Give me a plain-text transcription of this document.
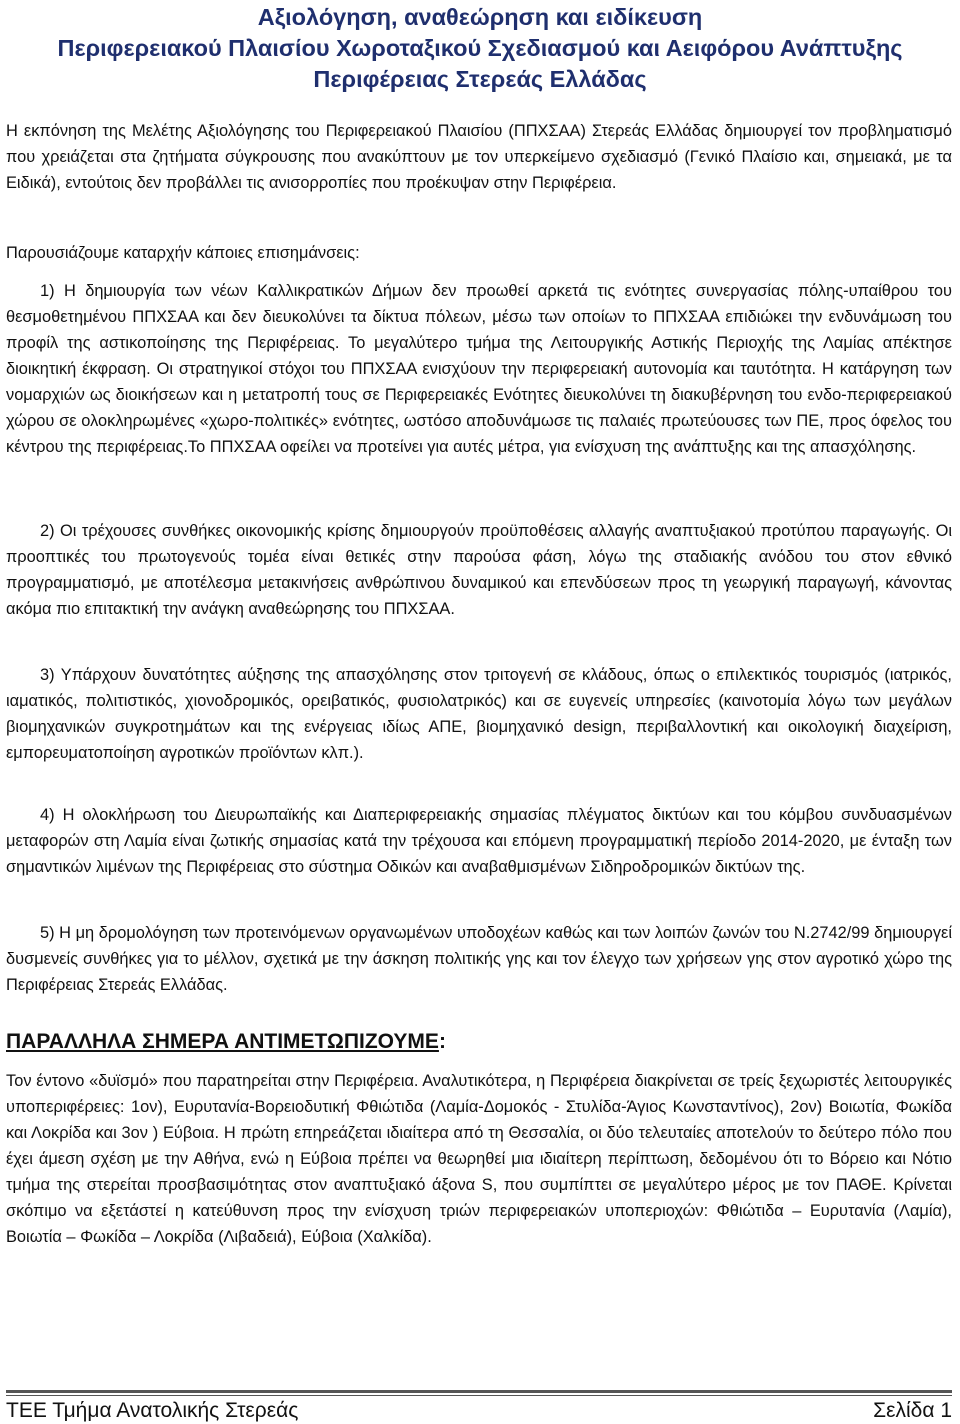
Αξιολόγηση, αναθεώρηση και ειδίκευση
Περιφερειακού Πλαισίου Χωροταξικού Σχεδιασμού και Αειφόρου Ανάπτυξης
Περιφέρειας Στερεάς Ελλάδας

Η εκπόνηση της Μελέτης Αξιολόγησης του Περιφερειακού Πλαισίου (ΠΠΧΣΑΑ) Στερεάς Ελλάδας δημιουργεί τον προβληματισμό που χρειάζεται στα ζητήματα σύγκρουσης που ανακύπτουν με τον υπερκείμενο σχεδιασμό (Γενικό Πλαίσιο και, σημειακά, με τα Ειδικά), εντούτοις δεν προβάλλει τις ανισορροπίες που προέκυψαν στην Περιφέρεια.

Παρουσιάζουμε καταρχήν κάποιες επισημάνσεις:

1) Η δημιουργία των νέων Καλλικρατικών Δήμων δεν προωθεί αρκετά τις ενότητες συνεργασίας πόλης-υπαίθρου του θεσμοθετημένου ΠΠΧΣΑΑ και δεν διευκολύνει τα δίκτυα πόλεων, μέσω των οποίων το ΠΠΧΣΑΑ επιδιώκει την ενδυνάμωση του προφίλ της αστικοποίησης της Περιφέρειας. Το μεγαλύτερο τμήμα της Λειτουργικής Αστικής Περιοχής της Λαμίας απέκτησε διοικητική έκφραση. Οι στρατηγικοί στόχοι του ΠΠΧΣΑΑ ενισχύουν την περιφερειακή αυτονομία και ταυτότητα. Η κατάργηση των νομαρχιών ως διοικήσεων και η μετατροπή τους σε Περιφερειακές Ενότητες διευκολύνει τη διακυβέρνηση του ενδο-περιφερειακού χώρου σε ολοκληρωμένες «χωρο-πολιτικές» ενότητες, ωστόσο αποδυνάμωσε τις παλαιές πρωτεύουσες των ΠΕ, προς όφελος του κέντρου της περιφέρειας.Το ΠΠΧΣΑΑ οφείλει να προτείνει για αυτές μέτρα, για ενίσχυση της ανάπτυξης και της απασχόλησης.

2) Οι τρέχουσες συνθήκες οικονομικής κρίσης δημιουργούν προϋποθέσεις αλλαγής αναπτυξιακού προτύπου παραγωγής. Οι προοπτικές του πρωτογενούς τομέα είναι θετικές στην παρούσα φάση, λόγω της σταδιακής ανόδου του στον εθνικό προγραμματισμό, με αποτέλεσμα μετακινήσεις ανθρώπινου δυναμικού και επενδύσεων προς τη γεωργική παραγωγή, κάνοντας ακόμα πιο επιτακτική την ανάγκη αναθεώρησης του ΠΠΧΣΑΑ.

3) Υπάρχουν δυνατότητες αύξησης της απασχόλησης στον τριτογενή σε κλάδους, όπως ο επιλεκτικός τουρισμός (ιατρικός, ιαματικός, πολιτιστικός, χιονοδρομικός, ορειβατικός, φυσιολατρικός) και σε ευγενείς υπηρεσίες (καινοτομία λόγω των μεγάλων βιομηχανικών συγκροτημάτων και της ενέργειας ιδίως ΑΠΕ, βιομηχανικό design, περιβαλλοντική και οικολογική διαχείριση, εμπορευματοποίηση αγροτικών προϊόντων κλπ.).

4) Η ολοκλήρωση του Διευρωπαϊκής και Διαπεριφερειακής σημασίας πλέγματος δικτύων και του κόμβου συνδυασμένων μεταφορών στη Λαμία είναι ζωτικής σημασίας κατά την τρέχουσα και επόμενη προγραμματική περίοδο 2014-2020, με ένταξη των σημαντικών λιμένων της Περιφέρειας στο σύστημα Οδικών και αναβαθμισμένων Σιδηροδρομικών δικτύων της.

5) Η μη δρομολόγηση των προτεινόμενων οργανωμένων υποδοχέων καθώς και των λοιπών ζωνών του Ν.2742/99 δημιουργεί δυσμενείς συνθήκες για το μέλλον, σχετικά με την άσκηση πολιτικής γης και τον έλεγχο των χρήσεων γης στον αγροτικό χώρο της Περιφέρειας Στερεάς Ελλάδας.

ΠΑΡΑΛΛΗΛΑ ΣΗΜΕΡΑ ΑΝΤΙΜΕΤΩΠΙΖΟΥΜΕ:

Τον έντονο «δυϊσμό» που παρατηρείται στην Περιφέρεια. Αναλυτικότερα, η Περιφέρεια διακρίνεται σε τρείς ξεχωριστές λειτουργικές υποπεριφέρειες: 1ον), Ευρυτανία-Βορειοδυτική Φθιώτιδα (Λαμία-Δομοκός - Στυλίδα-Άγιος Κωνσταντίνος), 2ον) Βοιωτία, Φωκίδα και Λοκρίδα και 3ον ) Εύβοια. Η πρώτη επηρεάζεται ιδιαίτερα από τη Θεσσαλία, οι δύο τελευταίες αποτελούν το δεύτερο πόλο που έχει άμεση σχέση με την Αθήνα, ενώ η Εύβοια πρέπει να θεωρηθεί μια ιδιαίτερη περίπτωση, δεδομένου ότι το Βόρειο και Νότιο τμήμα της στερείται προσβασιμότητας στον αναπτυξιακό άξονα S, που συμπίπτει σε μεγαλύτερο μέρος με τον ΠΑΘΕ. Κρίνεται σκόπιμο να εξετάστεί η κατεύθυνση προς την ενίσχυση τριών περιφερειακών υποπεριοχών: Φθιώτιδα – Ευρυτανία (Λαμία), Βοιωτία – Φωκίδα – Λοκρίδα (Λιβαδειά), Εύβοια (Χαλκίδα).

ΤΕΕ Τμήμα Ανατολικής Στερεάς	Σελίδα 1
